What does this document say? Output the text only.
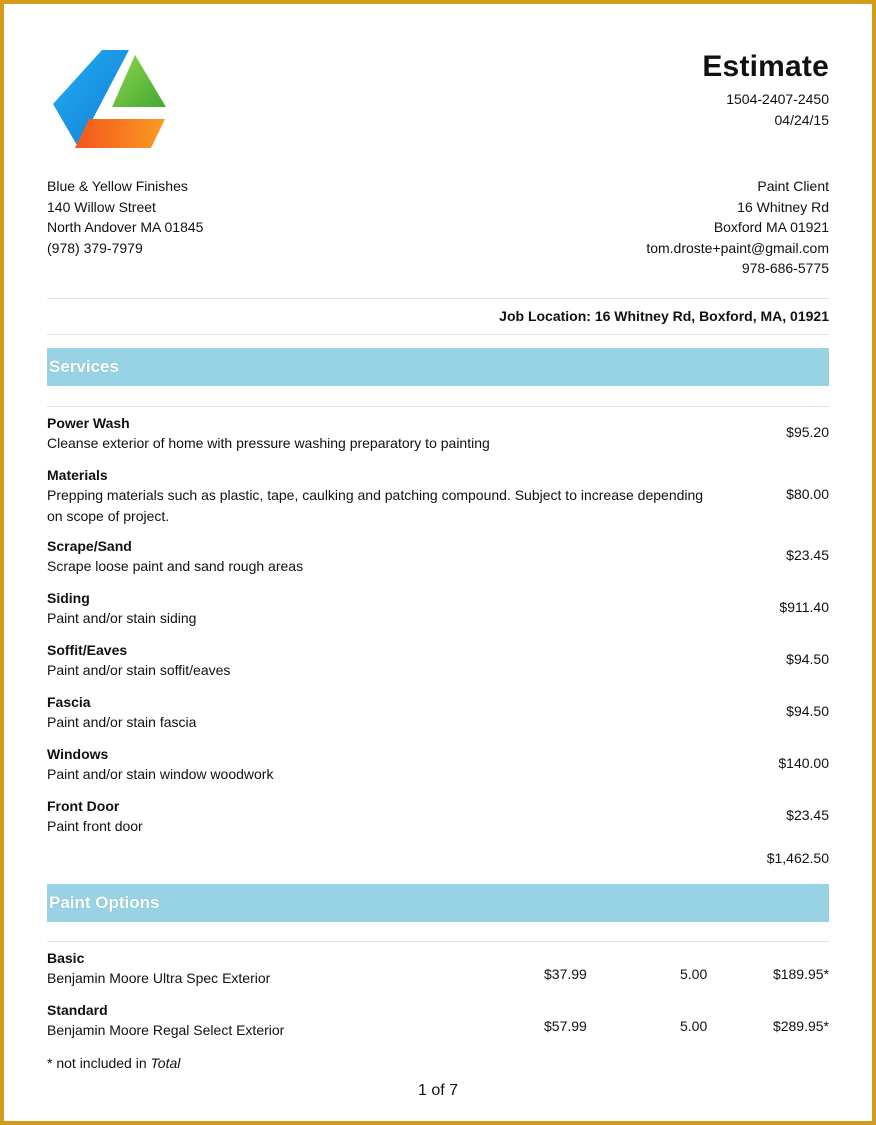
Estimate
1504-2407-2450
04/24/15
Blue & Yellow Finishes
140 Willow Street
North Andover MA 01845
(978) 379-7979
Paint Client
16 Whitney Rd
Boxford MA 01921
tom.droste+paint@gmail.com
978-686-5775
Job Location: 16 Whitney Rd, Boxford, MA, 01921
Services
Power Wash
Cleanse exterior of home with pressure washing preparatory to painting
$95.20
Materials
Prepping materials such as plastic, tape, caulking and patching compound. Subject to increase depending on scope of project.
$80.00
Scrape/Sand
Scrape loose paint and sand rough areas
$23.45
Siding
Paint and/or stain siding
$911.40
Soffit/Eaves
Paint and/or stain soffit/eaves
$94.50
Fascia
Paint and/or stain fascia
$94.50
Windows
Paint and/or stain window woodwork
$140.00
Front Door
Paint front door
$23.45
$1,462.50
Paint Options
Basic
Benjamin Moore Ultra Spec Exterior	$37.99	5.00	$189.95*
Standard
Benjamin Moore Regal Select Exterior	$57.99	5.00	$289.95*
* not included in Total
1 of 7
